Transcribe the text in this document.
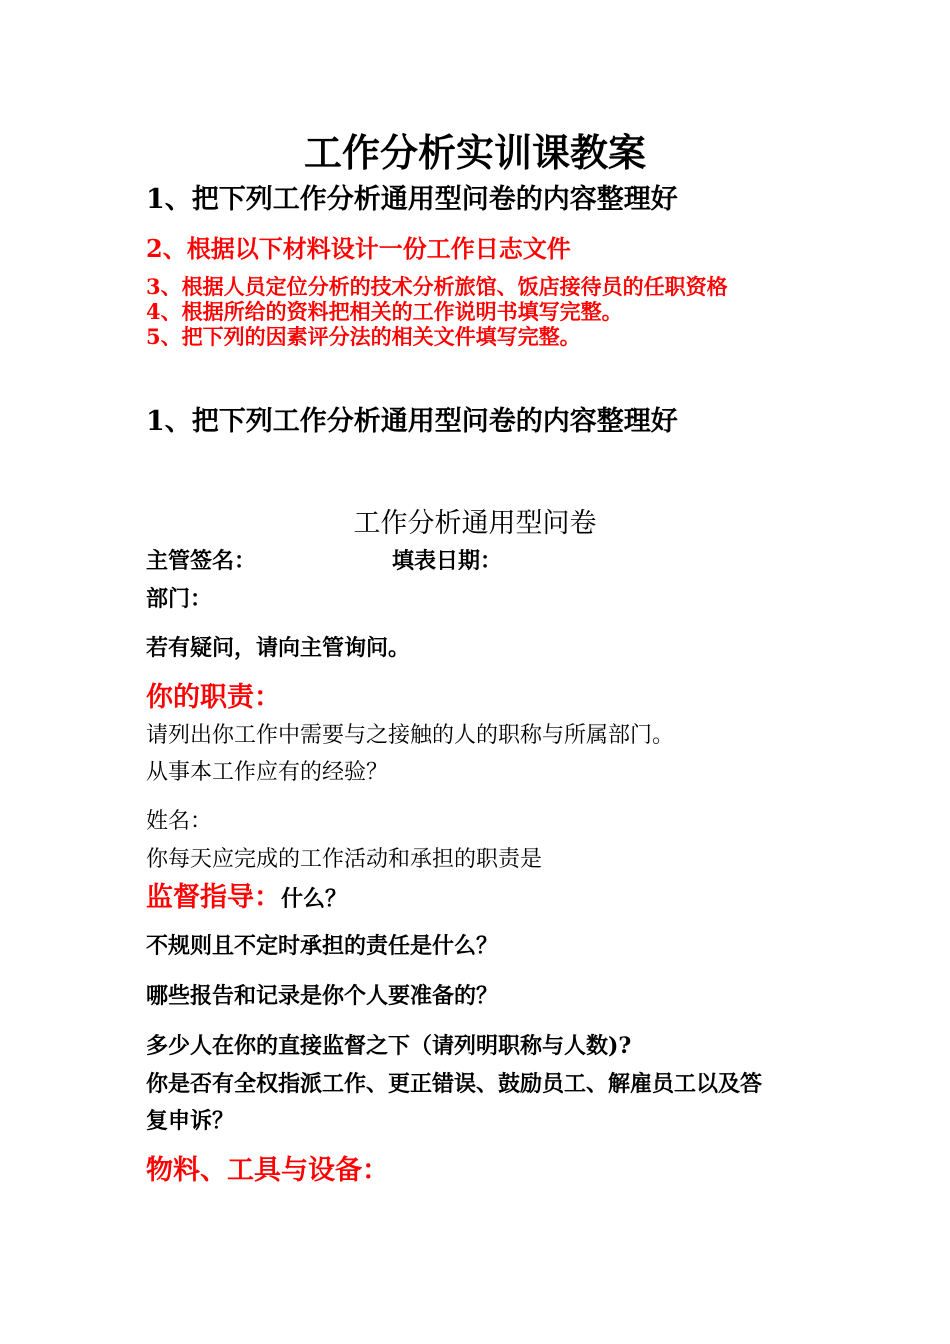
工作分析实训课教案
1、把下列工作分析通用型问卷的内容整理好
2、根据以下材料设计一份工作日志文件
3、根据人员定位分析的技术分析旅馆、饭店接待员的任职资格
4、根据所给的资料把相关的工作说明书填写完整。
5、把下列的因素评分法的相关文件填写完整。
1、把下列工作分析通用型问卷的内容整理好
工作分析通用型问卷
主管签名：	填表日期：
部门：
若有疑问，请向主管询问。
你的职责：
请列出你工作中需要与之接触的人的职称与所属部门。
从事本工作应有的经验？
姓名：
你每天应完成的工作活动和承担的职责是
监督指导：什么？
不规则且不定时承担的责任是什么？
哪些报告和记录是你个人要准备的？
多少人在你的直接监督之下（请列明职称与人数)?
你是否有全权指派工作、更正错误、鼓励员工、解雇员工以及答
复申诉？
物料、工具与设备：
